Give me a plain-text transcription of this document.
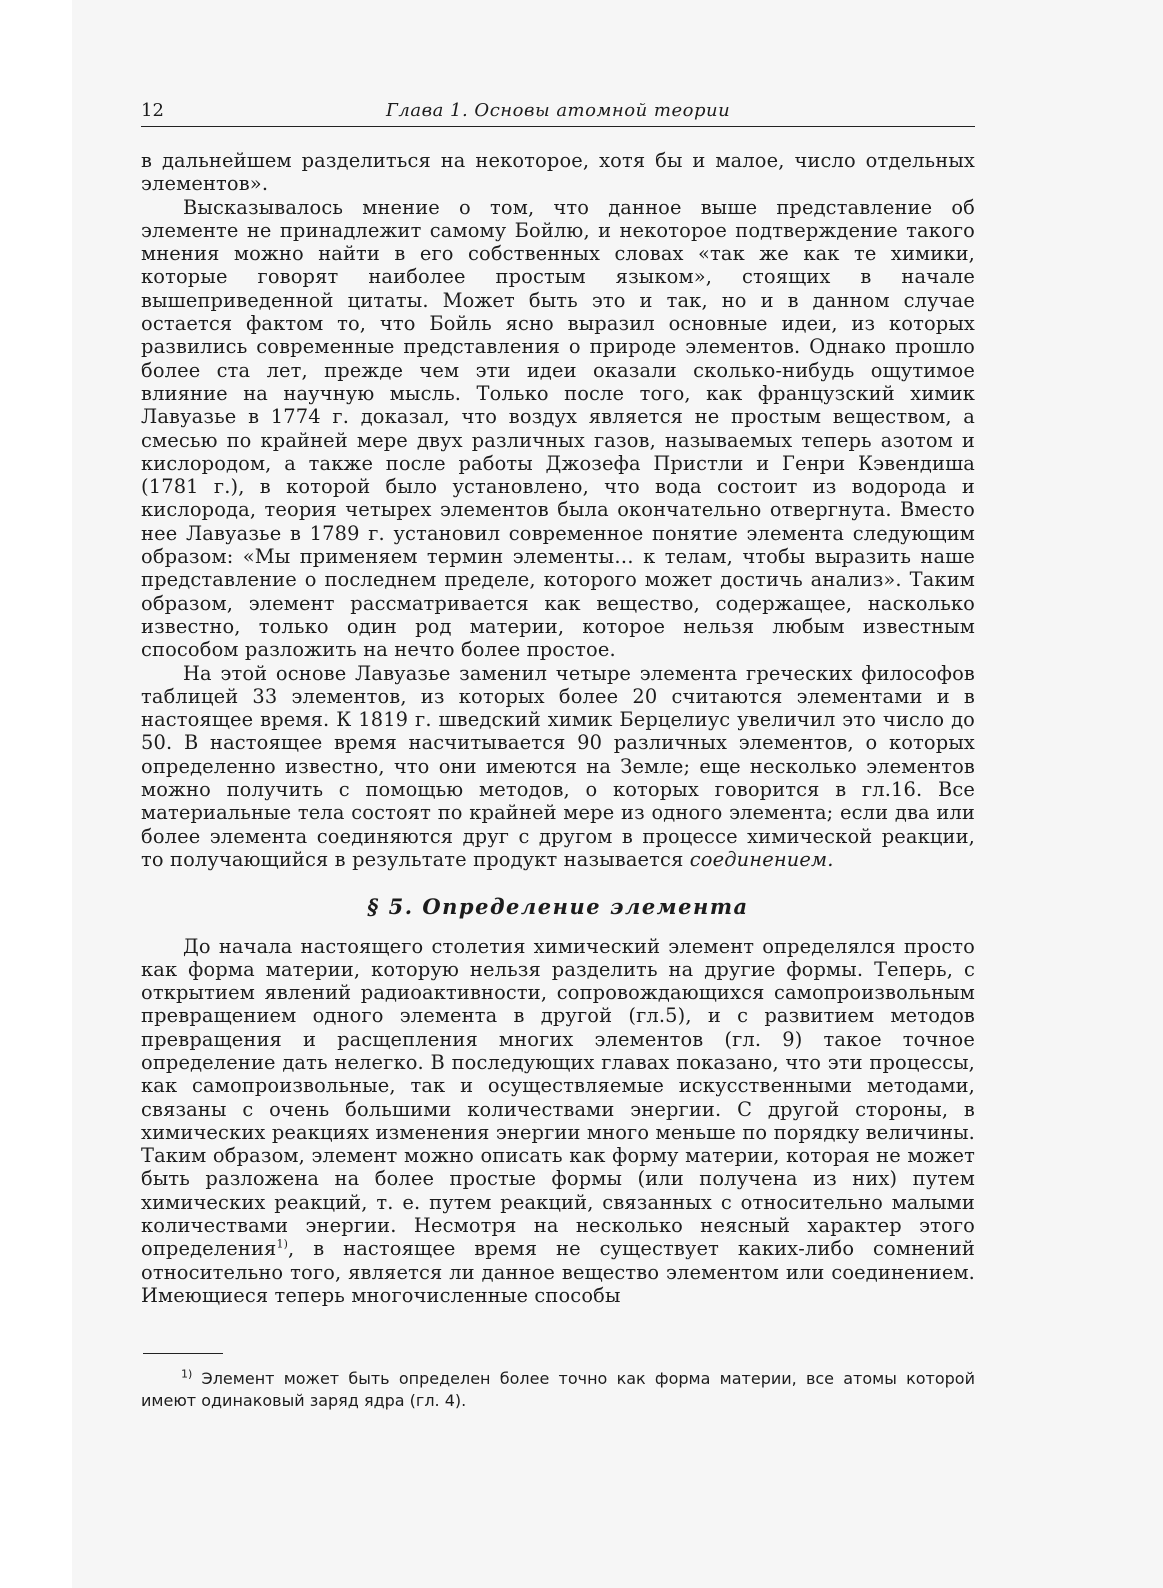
12	Глава 1. Основы атомной теории

в дальнейшем разделиться на некоторое, хотя бы и малое, число отдельных элементов».

Высказывалось мнение о том, что данное выше представление об элементе не принадлежит самому Бойлю, и некоторое подтверждение такого мнения можно найти в его собственных словах «так же как те химики, которые говорят наиболее простым языком», стоящих в начале вышеприведенной цитаты. Может быть это и так, но и в данном случае остается фактом то, что Бойль ясно выразил основные идеи, из которых развились современные представления о природе элементов. Однако прошло более ста лет, прежде чем эти идеи оказали сколько-нибудь ощутимое влияние на научную мысль. Только после того, как французский химик Лавуазье в 1774 г. доказал, что воздух является не простым веществом, а смесью по крайней мере двух различных газов, называемых теперь азотом и кислородом, а также после работы Джозефа Пристли и Генри Кэвендиша (1781 г.), в которой было установлено, что вода состоит из водорода и кислорода, теория четырех элементов была окончательно отвергнута. Вместо нее Лавуазье в 1789 г. установил современное понятие элемента следующим образом: «Мы применяем термин элементы… к телам, чтобы выразить наше представление о последнем пределе, которого может достичь анализ». Таким образом, элемент рассматривается как вещество, содержащее, насколько известно, только один род материи, которое нельзя любым известным способом разложить на нечто более простое.

На этой основе Лавуазье заменил четыре элемента греческих философов таблицей 33 элементов, из которых более 20 считаются элементами и в настоящее время. К 1819 г. шведский химик Берцелиус увеличил это число до 50. В настоящее время насчитывается 90 различных элементов, о которых определенно известно, что они имеются на Земле; еще несколько элементов можно получить с помощью методов, о которых говорится в гл.16. Все материальные тела состоят по крайней мере из одного элемента; если два или более элемента соединяются друг с другом в процессе химической реакции, то получающийся в результате продукт называется соединением.

§ 5. Определение элемента

До начала настоящего столетия химический элемент определялся просто как форма материи, которую нельзя разделить на другие формы. Теперь, с открытием явлений радиоактивности, сопровождающихся самопроизвольным превращением одного элемента в другой (гл.5), и с развитием методов превращения и расщепления многих элементов (гл. 9) такое точное определение дать нелегко. В последующих главах показано, что эти процессы, как самопроизвольные, так и осуществляемые искусственными методами, связаны с очень большими количествами энергии. С другой стороны, в химических реакциях изменения энергии много меньше по порядку величины. Таким образом, элемент можно описать как форму материи, которая не может быть разложена на более простые формы (или получена из них) путем химических реакций, т. е. путем реакций, связанных с относительно малыми количествами энергии. Несмотря на несколько неясный характер этого определения$^{1)}$, в настоящее время не существует каких-либо сомнений относительно того, является ли данное вещество элементом или соединением. Имеющиеся теперь многочисленные способы

$^{1)}$ Элемент может быть определен более точно как форма материи, все атомы которой имеют одинаковый заряд ядра (гл. 4).
